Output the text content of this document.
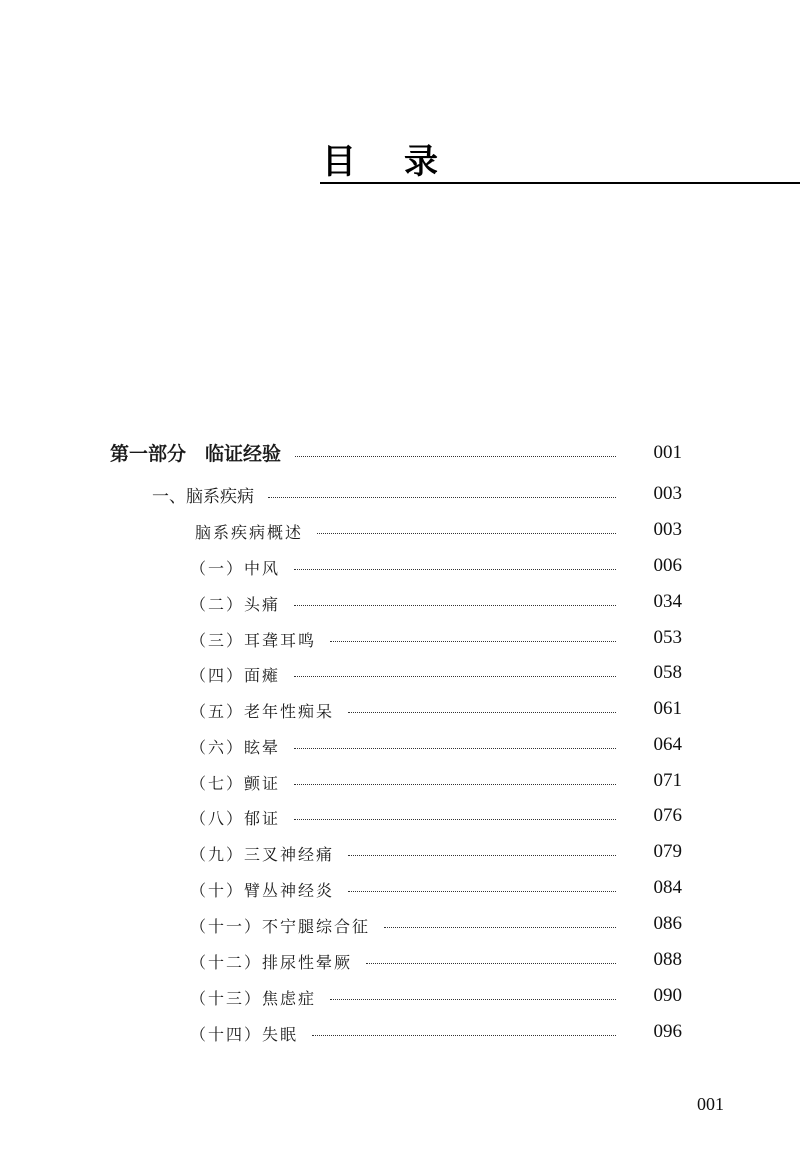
目 录
第一部分　临证经验	001
一、脑系疾病	003
脑系疾病概述	003
（一）中风	006
（二）头痛	034
（三）耳聋耳鸣	053
（四）面瘫	058
（五）老年性痴呆	061
（六）眩晕	064
（七）颤证	071
（八）郁证	076
（九）三叉神经痛	079
（十）臂丛神经炎	084
（十一）不宁腿综合征	086
（十二）排尿性晕厥	088
（十三）焦虑症	090
（十四）失眠	096
001
